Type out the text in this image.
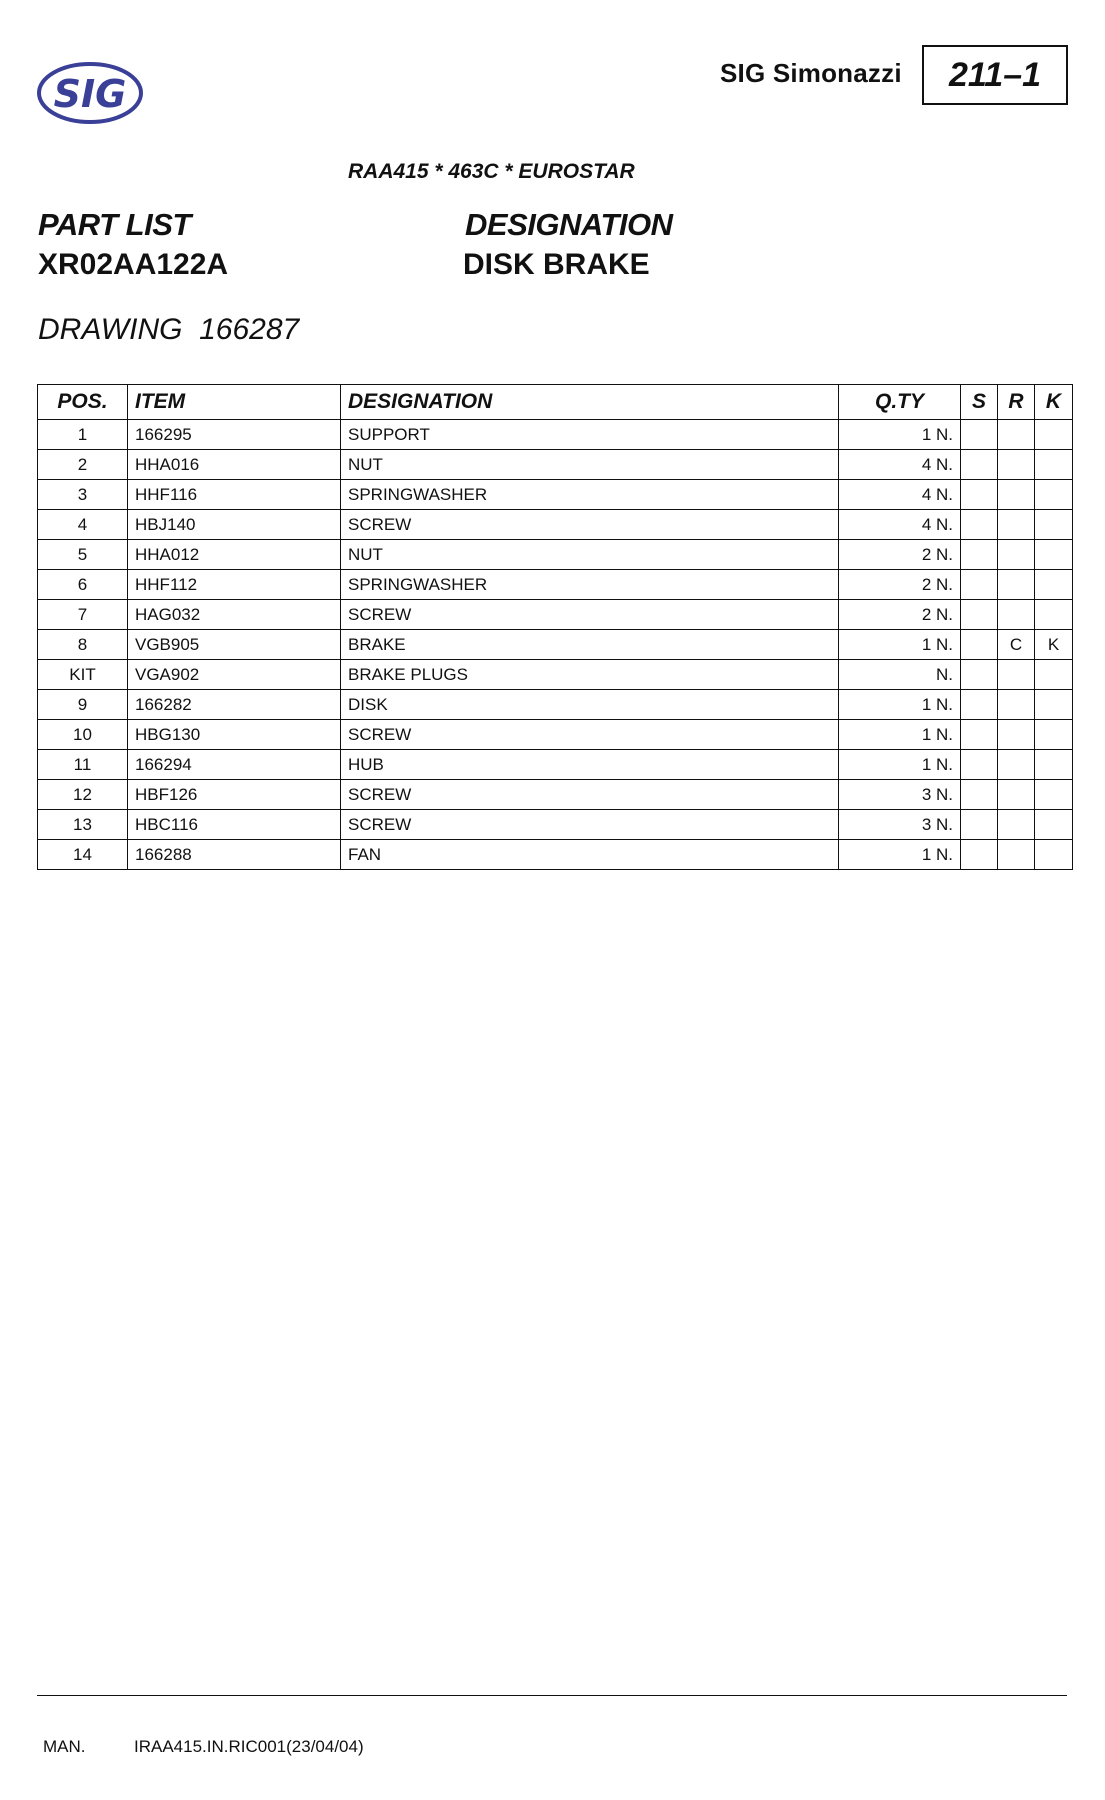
SIG	SIG Simonazzi	211–1
RAA415 * 463C * EUROSTAR
PART LIST	DESIGNATION
XR02AA122A	DISK BRAKE
DRAWING 166287
POS.	ITEM	DESIGNATION	Q.TY	S	R	K
1	166295	SUPPORT	1 N.			
2	HHA016	NUT	4 N.			
3	HHF116	SPRINGWASHER	4 N.			
4	HBJ140	SCREW	4 N.			
5	HHA012	NUT	2 N.			
6	HHF112	SPRINGWASHER	2 N.			
7	HAG032	SCREW	2 N.			
8	VGB905	BRAKE	1 N.		C	K
KIT	VGA902	BRAKE PLUGS	N.			
9	166282	DISK	1 N.			
10	HBG130	SCREW	1 N.			
11	166294	HUB	1 N.			
12	HBF126	SCREW	3 N.			
13	HBC116	SCREW	3 N.			
14	166288	FAN	1 N.			
MAN.	IRAA415.IN.RIC001(23/04/04)
